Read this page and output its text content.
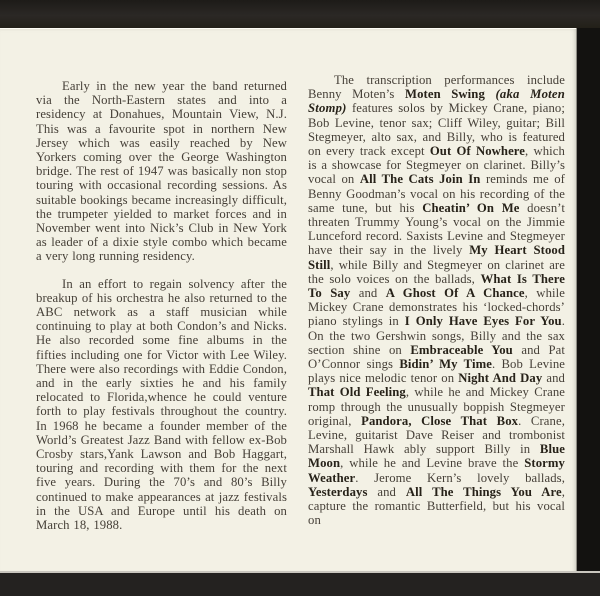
Early in the new year the band returned via the North-Eastern states and into a residency at Donahues, Mountain View, N.J. This was a favourite spot in northern New Jersey which was easily reached by New Yorkers coming over the George Washington bridge. The rest of 1947 was basically non stop touring with occasional recording sessions. As suitable bookings became increasingly difficult, the trumpeter yielded to market forces and in November went into Nick’s Club in New York as leader of a dixie style combo which became a very long running residency.

In an effort to regain solvency after the breakup of his orchestra he also returned to the ABC network as a staff musician while continuing to play at both Condon’s and Nicks. He also recorded some fine albums in the fifties including one for Victor with Lee Wiley. There were also recordings with Eddie Condon, and in the early sixties he and his family relocated to Florida,whence he could venture forth to play festivals throughout the country. In 1968 he became a founder member of the World’s Greatest Jazz Band with fellow ex-Bob Crosby stars,Yank Lawson and Bob Haggart, touring and recording with them for the next five years. During the 70’s and 80’s Billy continued to make appearances at jazz festivals in the USA and Europe until his death on March 18, 1988.

The transcription performances include Benny Moten’s Moten Swing (aka Moten Stomp) features solos by Mickey Crane, piano; Bob Levine, tenor sax; Cliff Wiley, guitar; Bill Stegmeyer, alto sax, and Billy, who is featured on every track except Out Of Nowhere, which is a showcase for Stegmeyer on clarinet. Billy’s vocal on All The Cats Join In reminds me of Benny Goodman’s vocal on his recording of the same tune, but his Cheatin’ On Me doesn’t threaten Trummy Young’s vocal on the Jimmie Lunceford record. Saxists Levine and Stegmeyer have their say in the lively My Heart Stood Still, while Billy and Stegmeyer on clarinet are the solo voices on the ballads, What Is There To Say and A Ghost Of A Chance, while Mickey Crane demonstrates his ‘locked-chords’ piano stylings in I Only Have Eyes For You. On the two Gershwin songs, Billy and the sax section shine on Embraceable You and Pat O’Connor sings Bidin’ My Time. Bob Levine plays nice melodic tenor on Night And Day and That Old Feeling, while he and Mickey Crane romp through the unusually boppish Stegmeyer original, Pandora, Close That Box. Crane, Levine, guitarist Dave Reiser and trombonist Marshall Hawk ably support Billy in Blue Moon, while he and Levine brave the Stormy Weather. Jerome Kern’s lovely ballads, Yesterdays and All The Things You Are, capture the romantic Butterfield, but his vocal on
